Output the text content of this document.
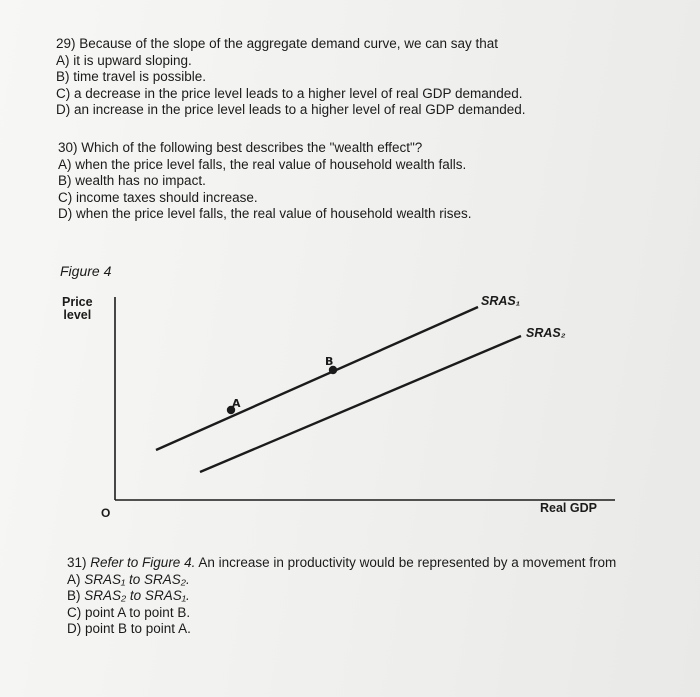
29) Because of the slope of the aggregate demand curve, we can say that
A) it is upward sloping.
B) time travel is possible.
C) a decrease in the price level leads to a higher level of real GDP demanded.
D) an increase in the price level leads to a higher level of real GDP demanded.
30) Which of the following best describes the "wealth effect"?
A) when the price level falls, the real value of household wealth falls.
B) wealth has no impact.
C) income taxes should increase.
D) when the price level falls, the real value of household wealth rises.
Figure 4
Price
level
Real GDP
O
SRAS₁
SRAS₂
A
B
31) Refer to Figure 4. An increase in productivity would be represented by a movement from
A) SRAS₁ to SRAS₂.
B) SRAS₂ to SRAS₁.
C) point A to point B.
D) point B to point A.
